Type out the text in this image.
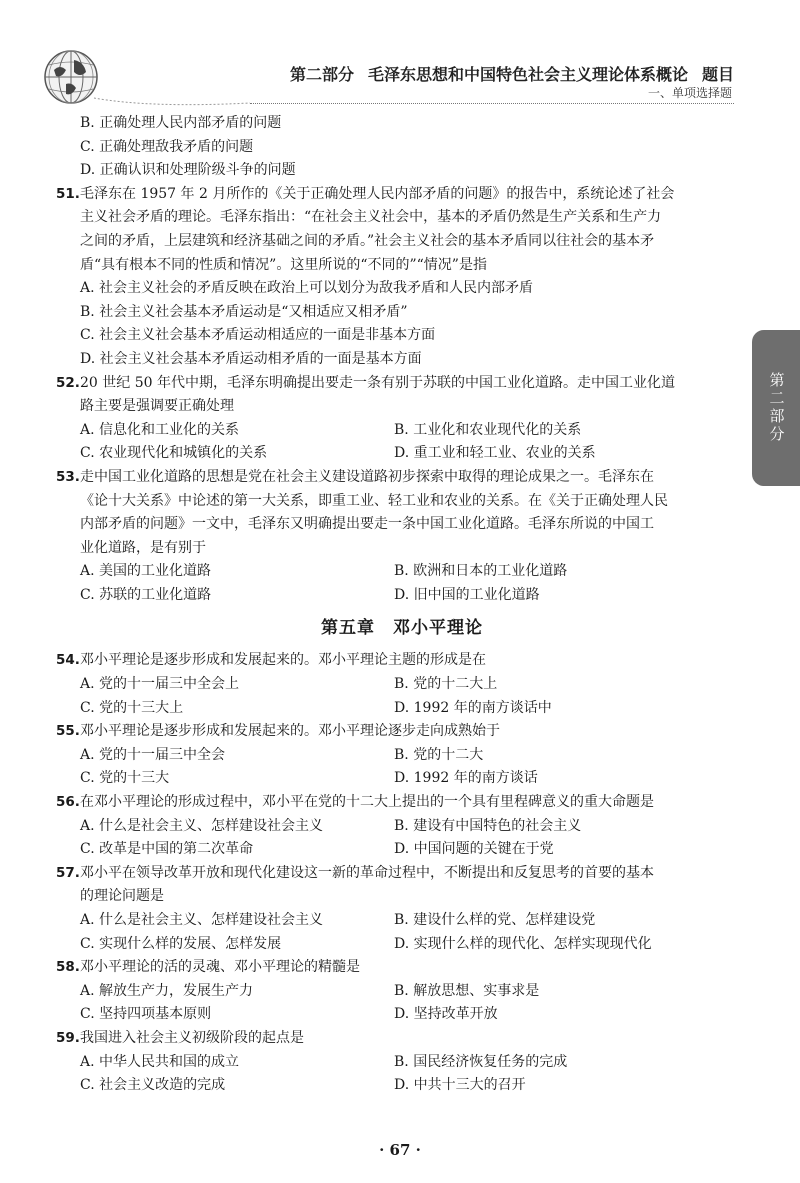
第二部分 毛泽东思想和中国特色社会主义理论体系概论 题目
一、单项选择题
第二部分
B. 正确处理人民内部矛盾的问题
C. 正确处理敌我矛盾的问题
D. 正确认识和处理阶级斗争的问题
51. 毛泽东在 1957 年 2 月所作的《关于正确处理人民内部矛盾的问题》的报告中，系统论述了社会
主义社会矛盾的理论。毛泽东指出：“在社会主义社会中，基本的矛盾仍然是生产关系和生产力
之间的矛盾，上层建筑和经济基础之间的矛盾。”社会主义社会的基本矛盾同以往社会的基本矛
盾“具有根本不同的性质和情况”。这里所说的“不同的”“情况”是指
A. 社会主义社会的矛盾反映在政治上可以划分为敌我矛盾和人民内部矛盾
B. 社会主义社会基本矛盾运动是“又相适应又相矛盾”
C. 社会主义社会基本矛盾运动相适应的一面是非基本方面
D. 社会主义社会基本矛盾运动相矛盾的一面是基本方面
52. 20 世纪 50 年代中期，毛泽东明确提出要走一条有别于苏联的中国工业化道路。走中国工业化道
路主要是强调要正确处理
A. 信息化和工业化的关系	B. 工业化和农业现代化的关系
C. 农业现代化和城镇化的关系	D. 重工业和轻工业、农业的关系
53. 走中国工业化道路的思想是党在社会主义建设道路初步探索中取得的理论成果之一。毛泽东在
《论十大关系》中论述的第一大关系，即重工业、轻工业和农业的关系。在《关于正确处理人民
内部矛盾的问题》一文中，毛泽东又明确提出要走一条中国工业化道路。毛泽东所说的中国工
业化道路，是有别于
A. 美国的工业化道路	B. 欧洲和日本的工业化道路
C. 苏联的工业化道路	D. 旧中国的工业化道路
第五章 邓小平理论
54. 邓小平理论是逐步形成和发展起来的。邓小平理论主题的形成是在
A. 党的十一届三中全会上	B. 党的十二大上
C. 党的十三大上	D. 1992 年的南方谈话中
55. 邓小平理论是逐步形成和发展起来的。邓小平理论逐步走向成熟始于
A. 党的十一届三中全会	B. 党的十二大
C. 党的十三大	D. 1992 年的南方谈话
56. 在邓小平理论的形成过程中，邓小平在党的十二大上提出的一个具有里程碑意义的重大命题是
A. 什么是社会主义、怎样建设社会主义	B. 建设有中国特色的社会主义
C. 改革是中国的第二次革命	D. 中国问题的关键在于党
57. 邓小平在领导改革开放和现代化建设这一新的革命过程中，不断提出和反复思考的首要的基本
的理论问题是
A. 什么是社会主义、怎样建设社会主义	B. 建设什么样的党、怎样建设党
C. 实现什么样的发展、怎样发展	D. 实现什么样的现代化、怎样实现现代化
58. 邓小平理论的活的灵魂、邓小平理论的精髓是
A. 解放生产力，发展生产力	B. 解放思想、实事求是
C. 坚持四项基本原则	D. 坚持改革开放
59. 我国进入社会主义初级阶段的起点是
A. 中华人民共和国的成立	B. 国民经济恢复任务的完成
C. 社会主义改造的完成	D. 中共十三大的召开
· 67 ·
